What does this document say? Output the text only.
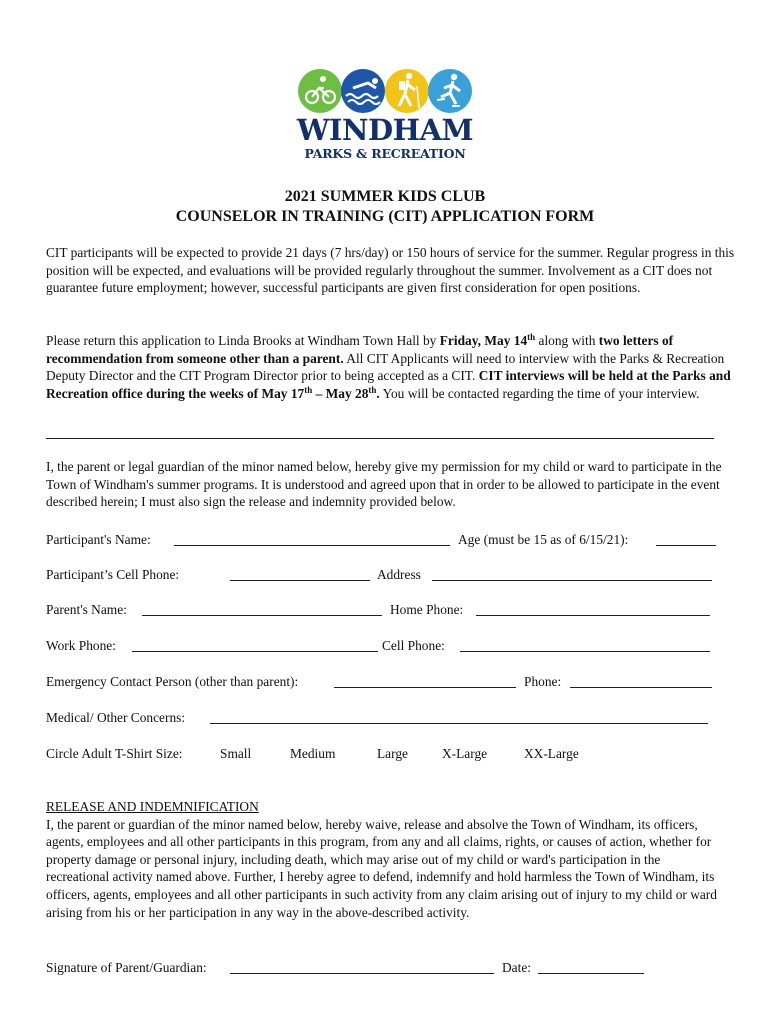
WINDHAM
PARKS & RECREATION
2021 SUMMER KIDS CLUB
COUNSELOR IN TRAINING (CIT) APPLICATION FORM

CIT participants will be expected to provide 21 days (7 hrs/day) or 150 hours of service for the summer. Regular progress in this position will be expected, and evaluations will be provided regularly throughout the summer. Involvement as a CIT does not guarantee future employment; however, successful participants are given first consideration for open positions.

Please return this application to Linda Brooks at Windham Town Hall by Friday, May 14th along with two letters of recommendation from someone other than a parent. All CIT Applicants will need to interview with the Parks & Recreation Deputy Director and the CIT Program Director prior to being accepted as a CIT. CIT interviews will be held at the Parks and Recreation office during the weeks of May 17th – May 28th. You will be contacted regarding the time of your interview.

I, the parent or legal guardian of the minor named below, hereby give my permission for my child or ward to participate in the Town of Windham's summer programs. It is understood and agreed upon that in order to be allowed to participate in the event described herein; I must also sign the release and indemnity provided below.

Participant's Name:	Age (must be 15 as of 6/15/21):
Participant’s Cell Phone:	Address
Parent's Name:	Home Phone:
Work Phone:	Cell Phone:
Emergency Contact Person (other than parent):	Phone:
Medical/ Other Concerns:
Circle Adult T-Shirt Size:	Small	Medium	Large	X-Large	XX-Large

RELEASE AND INDEMNIFICATION

I, the parent or guardian of the minor named below, hereby waive, release and absolve the Town of Windham, its officers, agents, employees and all other participants in this program, from any and all claims, rights, or causes of action, whether for property damage or personal injury, including death, which may arise out of my child or ward's participation in the recreational activity named above. Further, I hereby agree to defend, indemnify and hold harmless the Town of Windham, its officers, agents, employees and all other participants in such activity from any claim arising out of injury to my child or ward arising from his or her participation in any way in the above-described activity.

Signature of Parent/Guardian:	Date:
